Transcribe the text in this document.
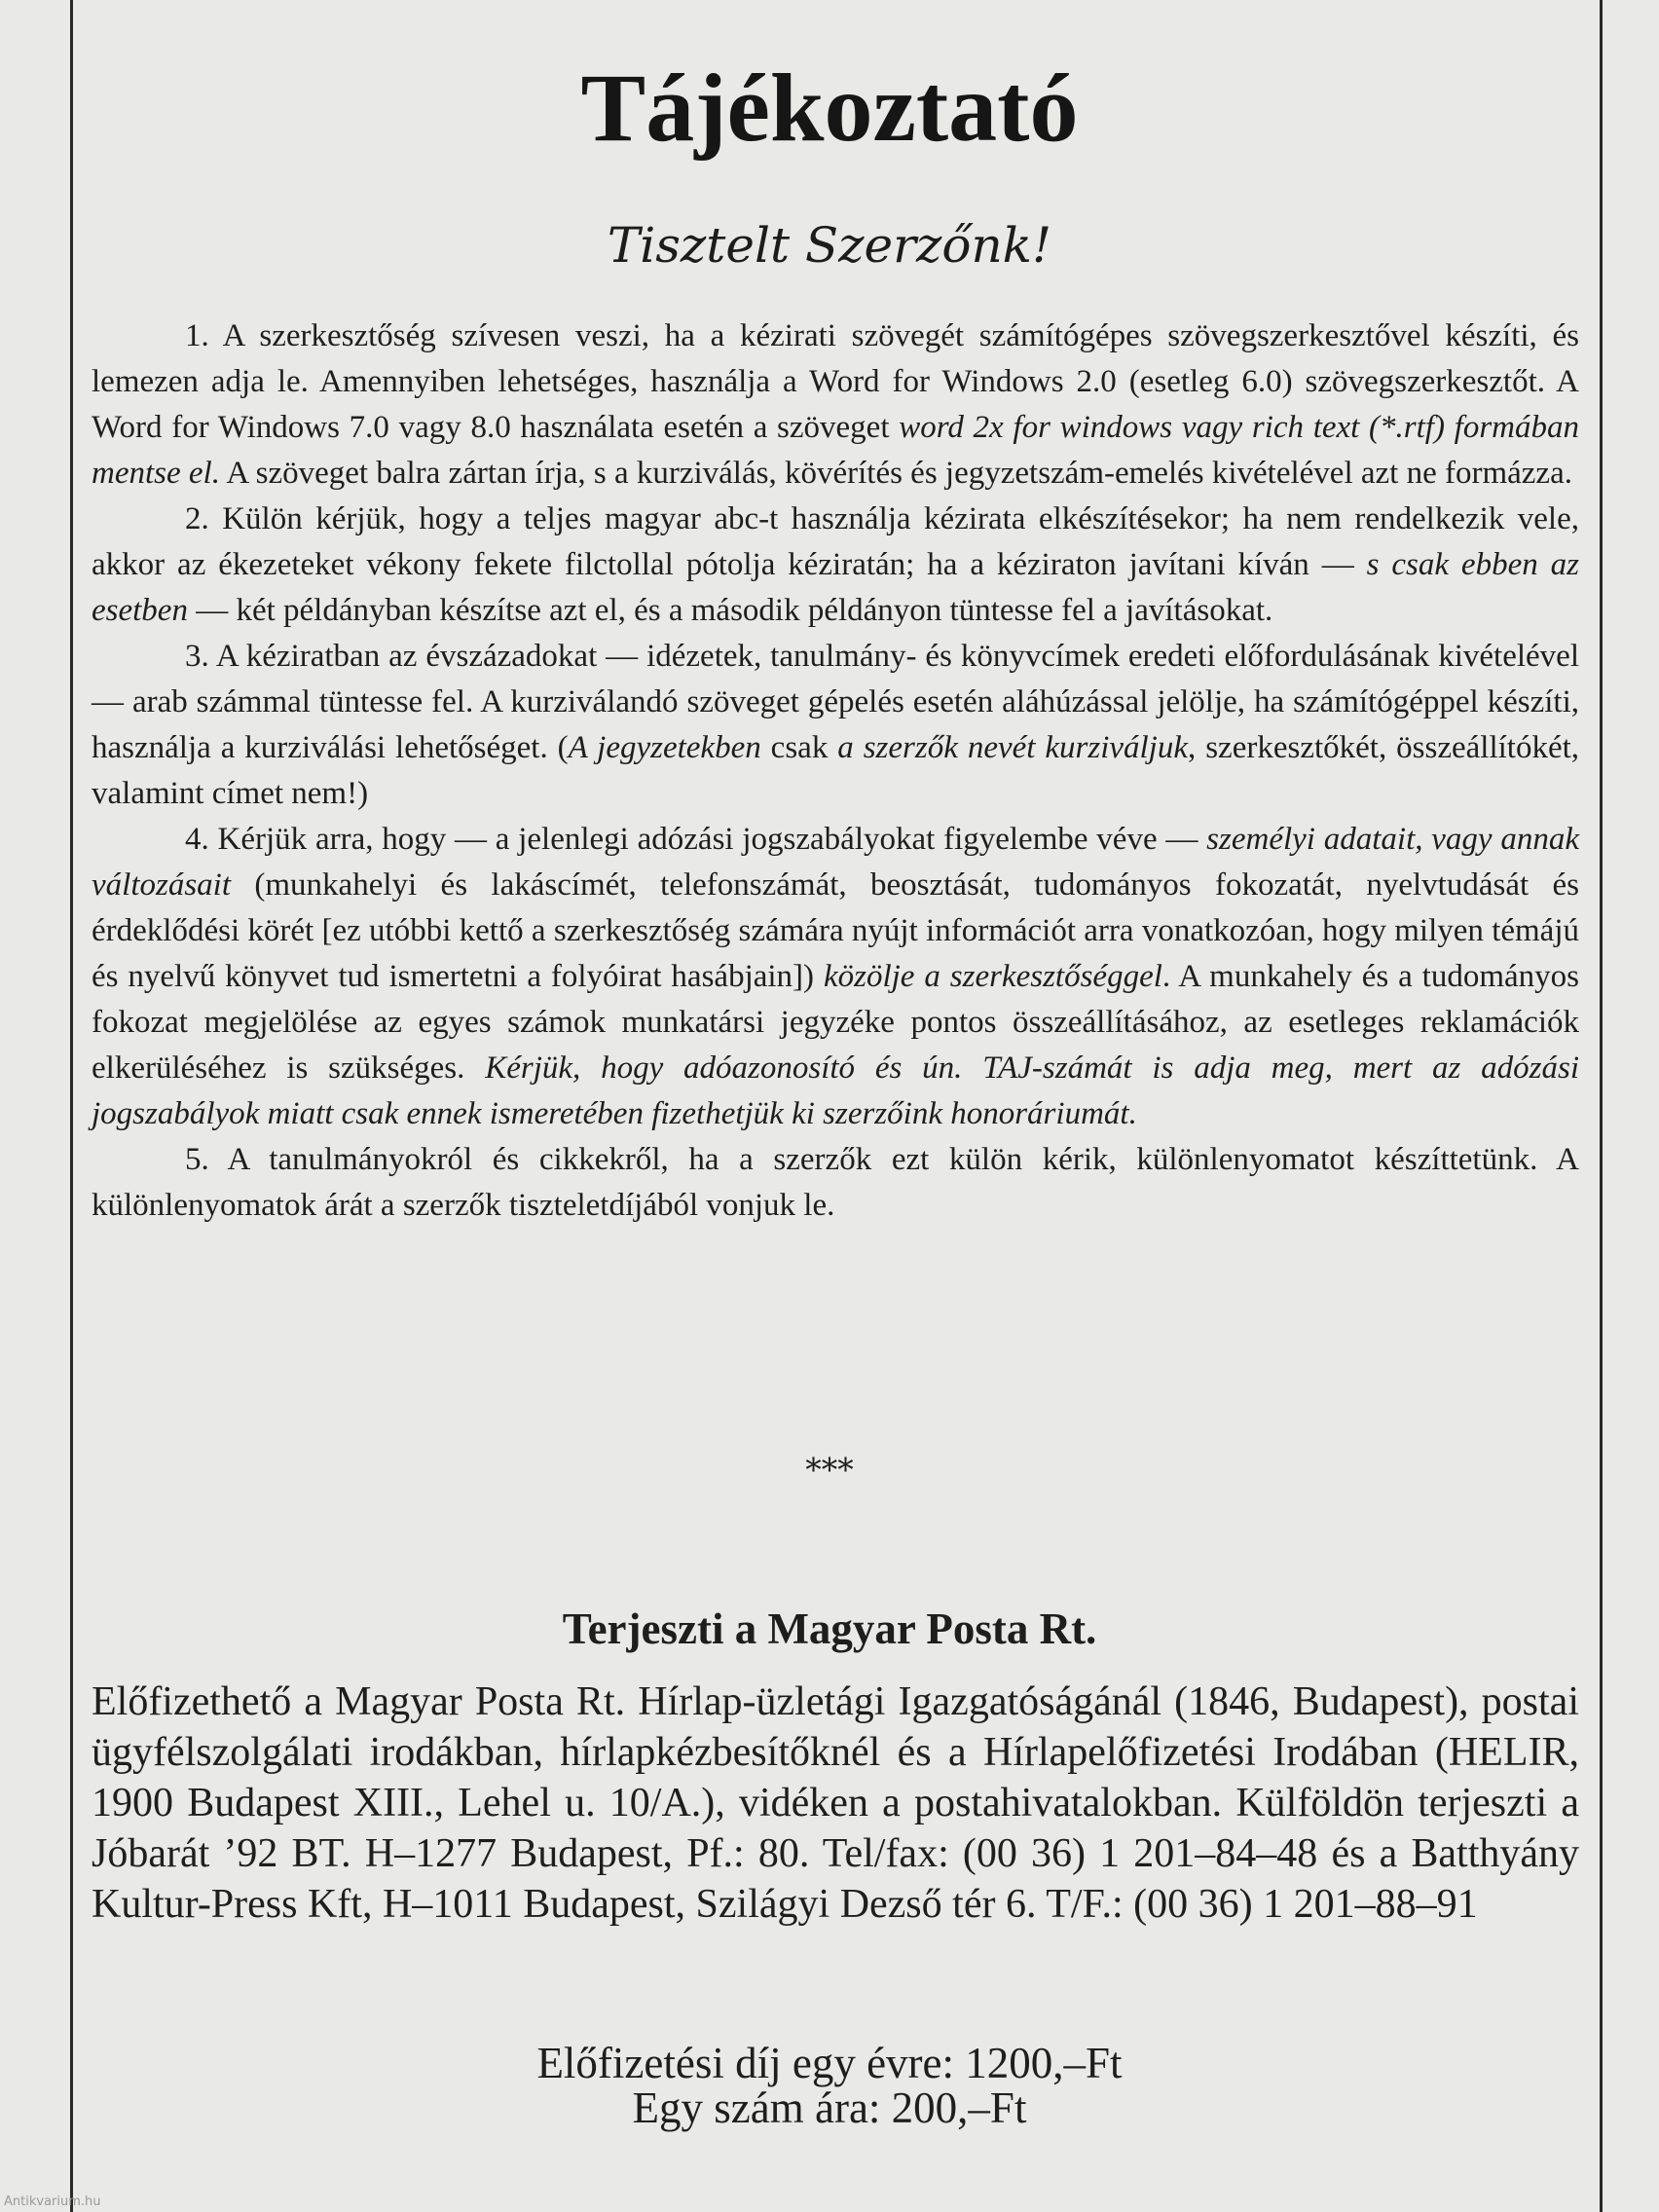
Tájékoztató
Tisztelt Szerzőnk!

1. A szerkesztőség szívesen veszi, ha a kézirati szövegét számítógépes szövegszerkesztővel készíti, és lemezen adja le. Amennyiben lehetséges, használja a Word for Windows 2.0 (esetleg 6.0) szövegszerkesztőt. A Word for Windows 7.0 vagy 8.0 használata esetén a szöveget word 2x for windows vagy rich text (*.rtf) formában mentse el. A szöveget balra zártan írja, s a kurziválás, kövérítés és jegyzetszám-emelés kivételével azt ne formázza.

2. Külön kérjük, hogy a teljes magyar abc-t használja kézirata elkészítésekor; ha nem rendelkezik vele, akkor az ékezeteket vékony fekete filctollal pótolja kéziratán; ha a kéziraton javítani kíván — s csak ebben az esetben — két példányban készítse azt el, és a második példányon tüntesse fel a javításokat.

3. A kéziratban az évszázadokat — idézetek, tanulmány- és könyvcímek eredeti előfordulásának kivételével — arab számmal tüntesse fel. A kurziválandó szöveget gépelés esetén aláhúzással jelölje, ha számítógéppel készíti, használja a kurziválási lehetőséget. (A jegyzetekben csak a szerzők nevét kurziváljuk, szerkesztőkét, összeállítókét, valamint címet nem!)

4. Kérjük arra, hogy — a jelenlegi adózási jogszabályokat figyelembe véve — személyi adatait, vagy annak változásait (munkahelyi és lakáscímét, telefonszámát, beosztását, tudományos fokozatát, nyelvtudását és érdeklődési körét [ez utóbbi kettő a szerkesztőség számára nyújt információt arra vonatkozóan, hogy milyen témájú és nyelvű könyvet tud ismertetni a folyóirat hasábjain]) közölje a szerkesztőséggel. A munkahely és a tudományos fokozat megjelölése az egyes számok munkatársi jegyzéke pontos összeállításához, az esetleges reklamációk elkerüléséhez is szükséges. Kérjük, hogy adóazonosító és ún. TAJ-számát is adja meg, mert az adózási jogszabályok miatt csak ennek ismeretében fizethetjük ki szerzőink honoráriumát.

5. A tanulmányokról és cikkekről, ha a szerzők ezt külön kérik, különlenyomatot készíttetünk. A különlenyomatok árát a szerzők tiszteletdíjából vonjuk le.

***
Terjeszti a Magyar Posta Rt.

Előfizethető a Magyar Posta Rt. Hírlap-üzletági Igazgatóságánál (1846, Budapest), postai ügyfélszolgálati irodákban, hírlapkézbesítőknél és a Hírlapelőfizetési Irodában (HELIR, 1900 Budapest XIII., Lehel u. 10/A.), vidéken a postahivatalokban. Külföldön terjeszti a Jóbarát ’92 BT. H–1277 Budapest, Pf.: 80. Tel/fax: (00 36) 1 201–84–48 és a Batthyány Kultur-Press Kft, H–1011 Budapest, Szilágyi Dezső tér 6. T/F.: (00 36) 1 201–88–91

Előfizetési díj egy évre: 1200,–Ft
Egy szám ára: 200,–Ft
Antikvarium.hu
